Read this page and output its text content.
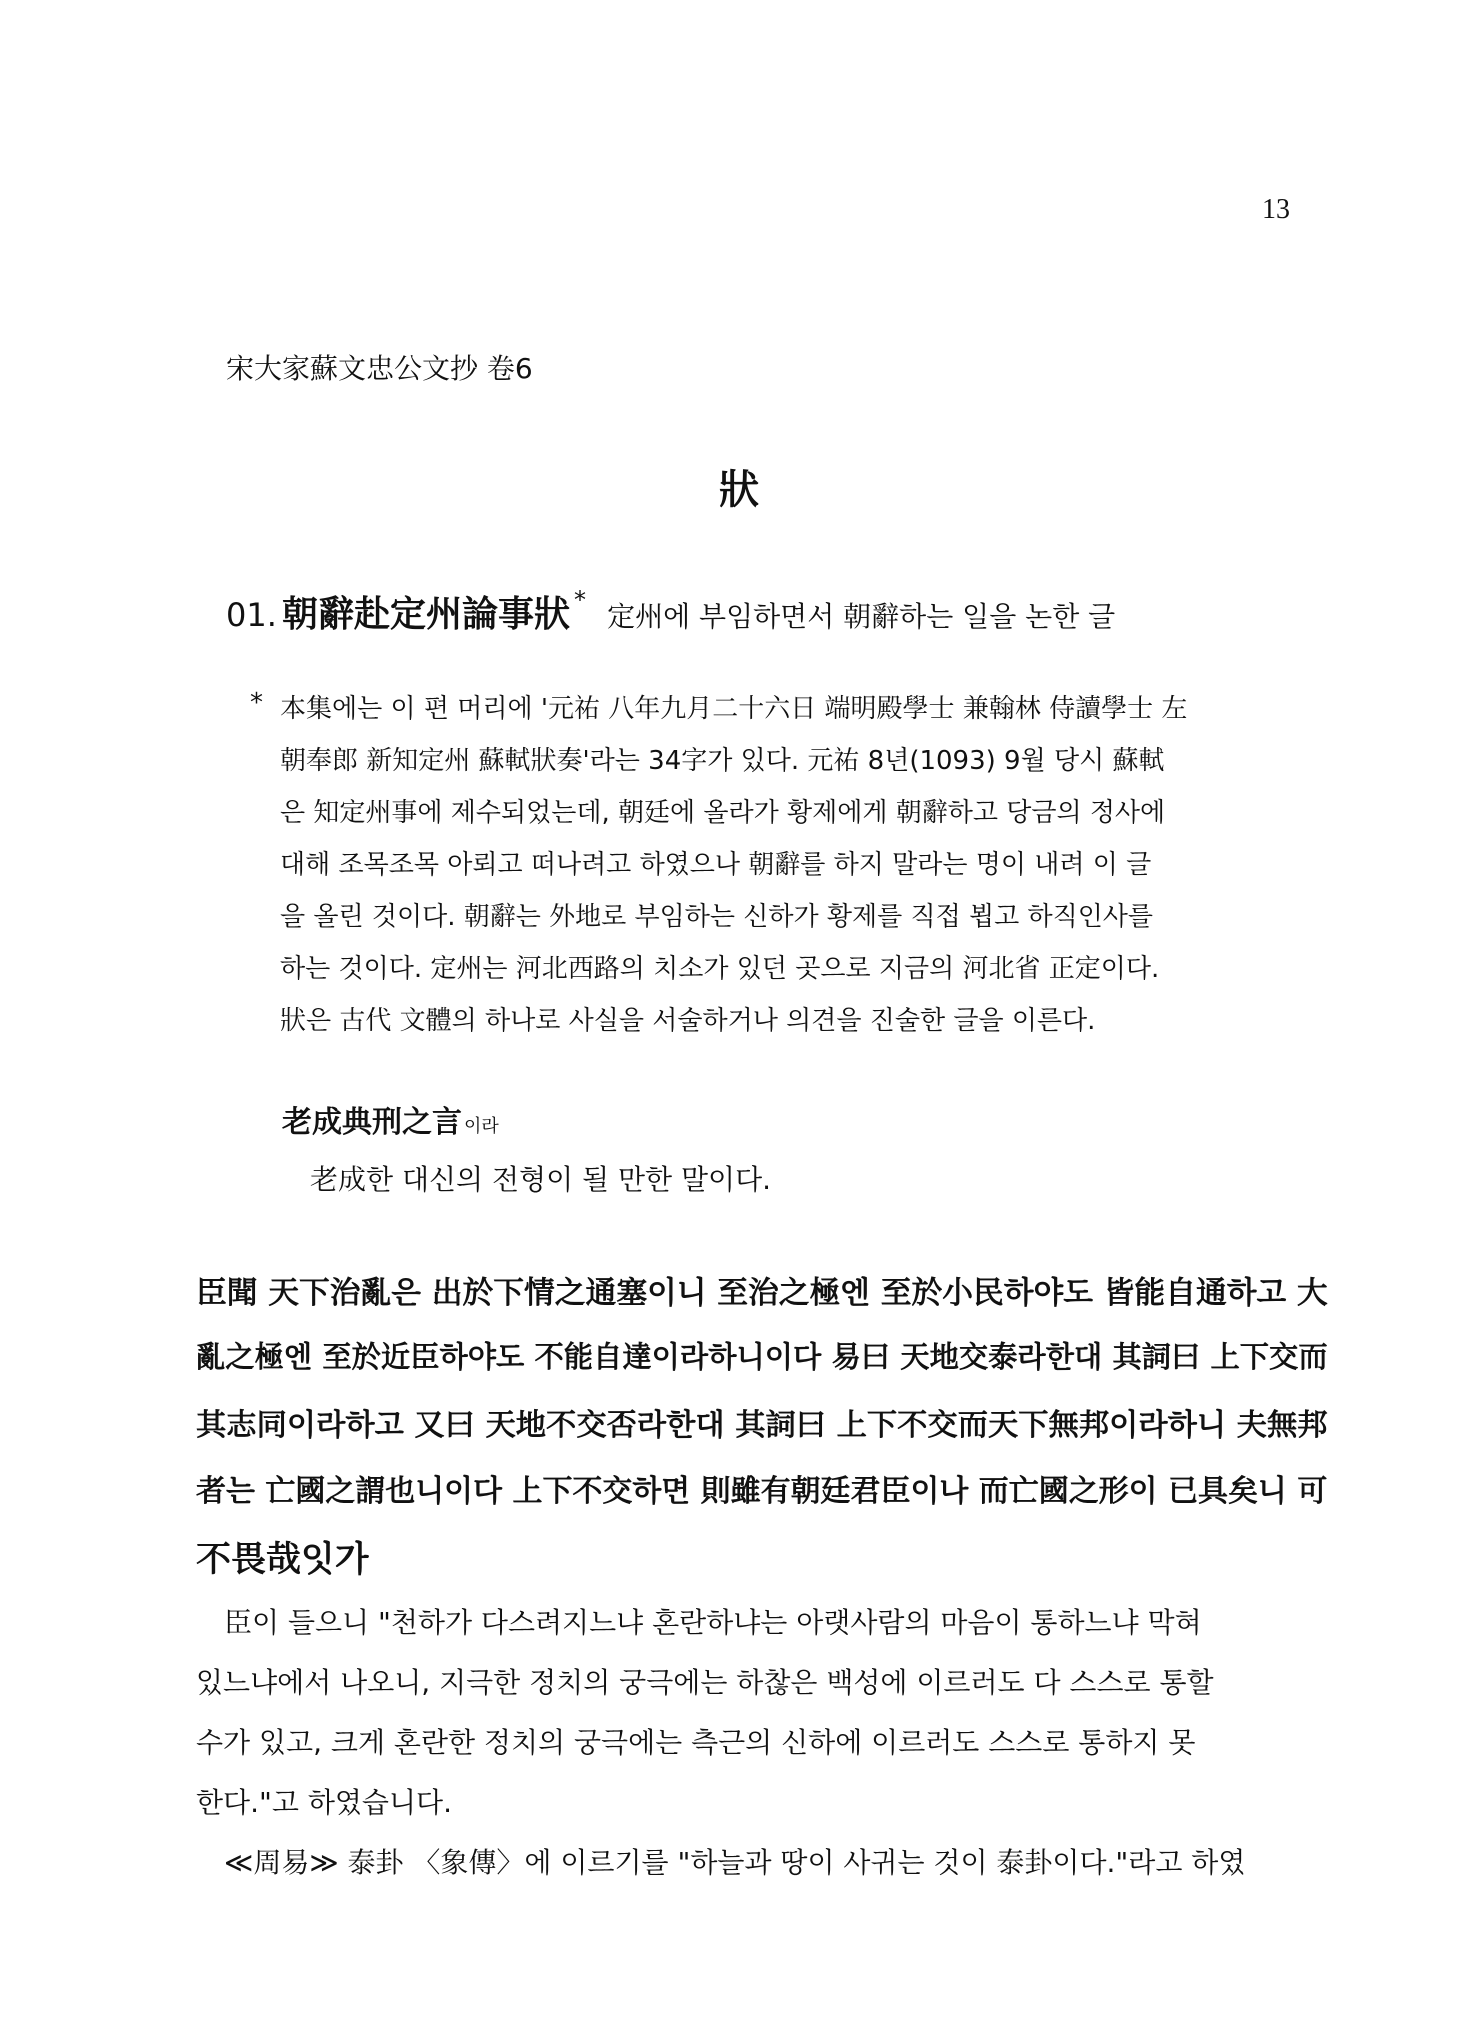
13
宋大家蘇文忠公文抄 卷6
狀
01. 朝辭赴定州論事狀 * 定州에 부임하면서 朝辭하는 일을 논한 글
* 本集에는 이 편 머리에 '元祐 八年九月二十六日 端明殿學士 兼翰林 侍讀學士 左
朝奉郎 新知定州 蘇軾狀奏'라는 34字가 있다. 元祐 8년(1093) 9월 당시 蘇軾
은 知定州事에 제수되었는데, 朝廷에 올라가 황제에게 朝辭하고 당금의 정사에
대해 조목조목 아뢰고 떠나려고 하였으나 朝辭를 하지 말라는 명이 내려 이 글
을 올린 것이다. 朝辭는 外地로 부임하는 신하가 황제를 직접 뵙고 하직인사를
하는 것이다. 定州는 河北西路의 치소가 있던 곳으로 지금의 河北省 正定이다.
狀은 古代 文體의 하나로 사실을 서술하거나 의견을 진술한 글을 이른다.
老成典刑之言 이라
老成한 대신의 전형이 될 만한 말이다.
臣聞 天下治亂은 出於下情之通塞이니 至治之極엔 至於小民하야도 皆能自通하고 大
亂之極엔 至於近臣하야도 不能自達이라하니이다 易曰 天地交泰라한대 其詞曰 上下交而
其志同이라하고 又曰 天地不交否라한대 其詞曰 上下不交而天下無邦이라하니 夫無邦
者는 亡國之謂也니이다 上下不交하면 則雖有朝廷君臣이나 而亡國之形이 已具矣니 可
不畏哉잇가
臣이 들으니 "천하가 다스려지느냐 혼란하냐는 아랫사람의 마음이 통하느냐 막혀
있느냐에서 나오니, 지극한 정치의 궁극에는 하찮은 백성에 이르러도 다 스스로 통할
수가 있고, 크게 혼란한 정치의 궁극에는 측근의 신하에 이르러도 스스로 통하지 못
한다."고 하였습니다.
≪周易≫ 泰卦 〈象傳〉에 이르기를 "하늘과 땅이 사귀는 것이 泰卦이다."라고 하였
